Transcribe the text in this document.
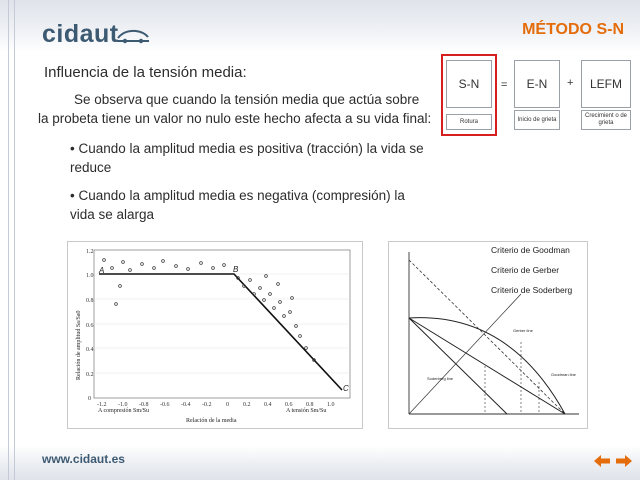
cidaut	MÉTODO S-N
Influencia de la tensión media:
Se observa que cuando la tensión media que actúa sobre la probeta tiene un valor no nulo este hecho afecta a su vida final:
• Cuando la amplitud media es positiva (tracción) la vida se reduce
• Cuando la amplitud media es negativa (compresión) la vida se alarga
S-N
Rotura
=	E-N
Inicio de grieta
+	LEFM
Crecimient o de grieta
1.2
1.0
0.8
0.6
0.4
0.2
0
-1.2 -1.0 -0.8 -0.6 -0.4 -0.2 0 0.2 0.4 0.6 0.8 1.0
A	B
C
Relación de amplitud Sa/Sa0
A compresión Sm/Su	A tensión Sm/Su
Relación de la media
Criterio de Goodman
Criterio de Gerber
Criterio de Soderberg
Gerber line
Goodman line
Soderberg line
www.cidaut.es
